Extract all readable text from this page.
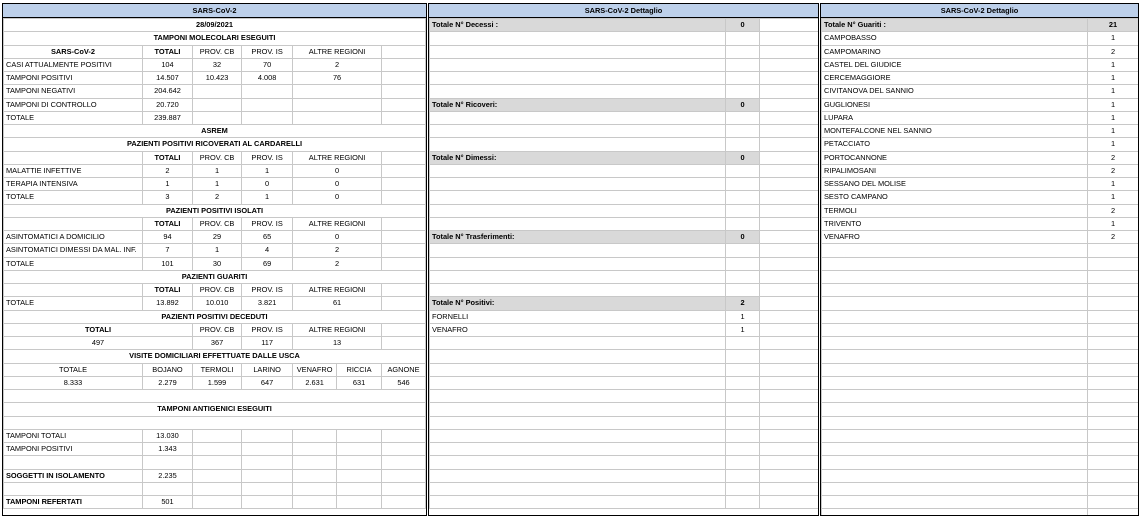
SARS-CoV-2
28/09/2021						
TAMPONI MOLECOLARI ESEGUITI						
SARS-CoV-2	TOTALI	PROV. CB	PROV. IS	ALTRE REGIONI		
CASI ATTUALMENTE POSITIVI	104	32	70	2		
TAMPONI POSITIVI	14.507	10.423	4.008	76		
TAMPONI NEGATIVI	204.642					
TAMPONI DI CONTROLLO	20.720					
TOTALE	239.887					
ASREM						
PAZIENTI POSITIVI RICOVERATI AL CARDARELLI						
	TOTALI	PROV. CB	PROV. IS	ALTRE REGIONI		
MALATTIE INFETTIVE	2	1	1	0		
TERAPIA INTENSIVA	1	1	0	0		
TOTALE	3	2	1	0		
PAZIENTI POSITIVI ISOLATI						
	TOTALI	PROV. CB	PROV. IS	ALTRE REGIONI		
ASINTOMATICI A DOMICILIO	94	29	65	0		
ASINTOMATICI DIMESSI DA MAL. INF.	7	1	4	2		
TOTALE	101	30	69	2		
PAZIENTI GUARITI						
	TOTALI	PROV. CB	PROV. IS	ALTRE REGIONI		
TOTALE	13.892	10.010	3.821	61		
PAZIENTI POSITIVI DECEDUTI						
TOTALI		PROV. CB	PROV. IS	ALTRE REGIONI		
497		367	117	13		
VISITE DOMICILIARI EFFETTUATE DALLE USCA						
TOTALE	BOJANO	TERMOLI	LARINO	VENAFRO	RICCIA	AGNONE
8.333	2.279	1.599	647	2.631	631	546

TAMPONI ANTIGENICI ESEGUITI						

TAMPONI TOTALI	13.030					
TAMPONI POSITIVI	1.343					

SOGGETTI IN ISOLAMENTO	2.235					

TAMPONI REFERTATI	501					
SARS-CoV-2 Dettaglio
Totale N° Decessi :	0	

Totale N° Ricoveri:	0	

Totale N° Dimessi:	0	

Totale N° Trasferimenti:	0	

Totale N° Positivi:	2	
FORNELLI	1	
VENAFRO	1	

SARS-CoV-2 Dettaglio
Totale N° Guariti :	21
CAMPOBASSO	1
CAMPOMARINO	2
CASTEL DEL GIUDICE	1
CERCEMAGGIORE	1
CIVITANOVA DEL SANNIO	1
GUGLIONESI	1
LUPARA	1
MONTEFALCONE NEL SANNIO	1
PETACCIATO	1
PORTOCANNONE	2
RIPALIMOSANI	2
SESSANO DEL MOLISE	1
SESTO CAMPANO	1
TERMOLI	2
TRIVENTO	1
VENAFRO	2
